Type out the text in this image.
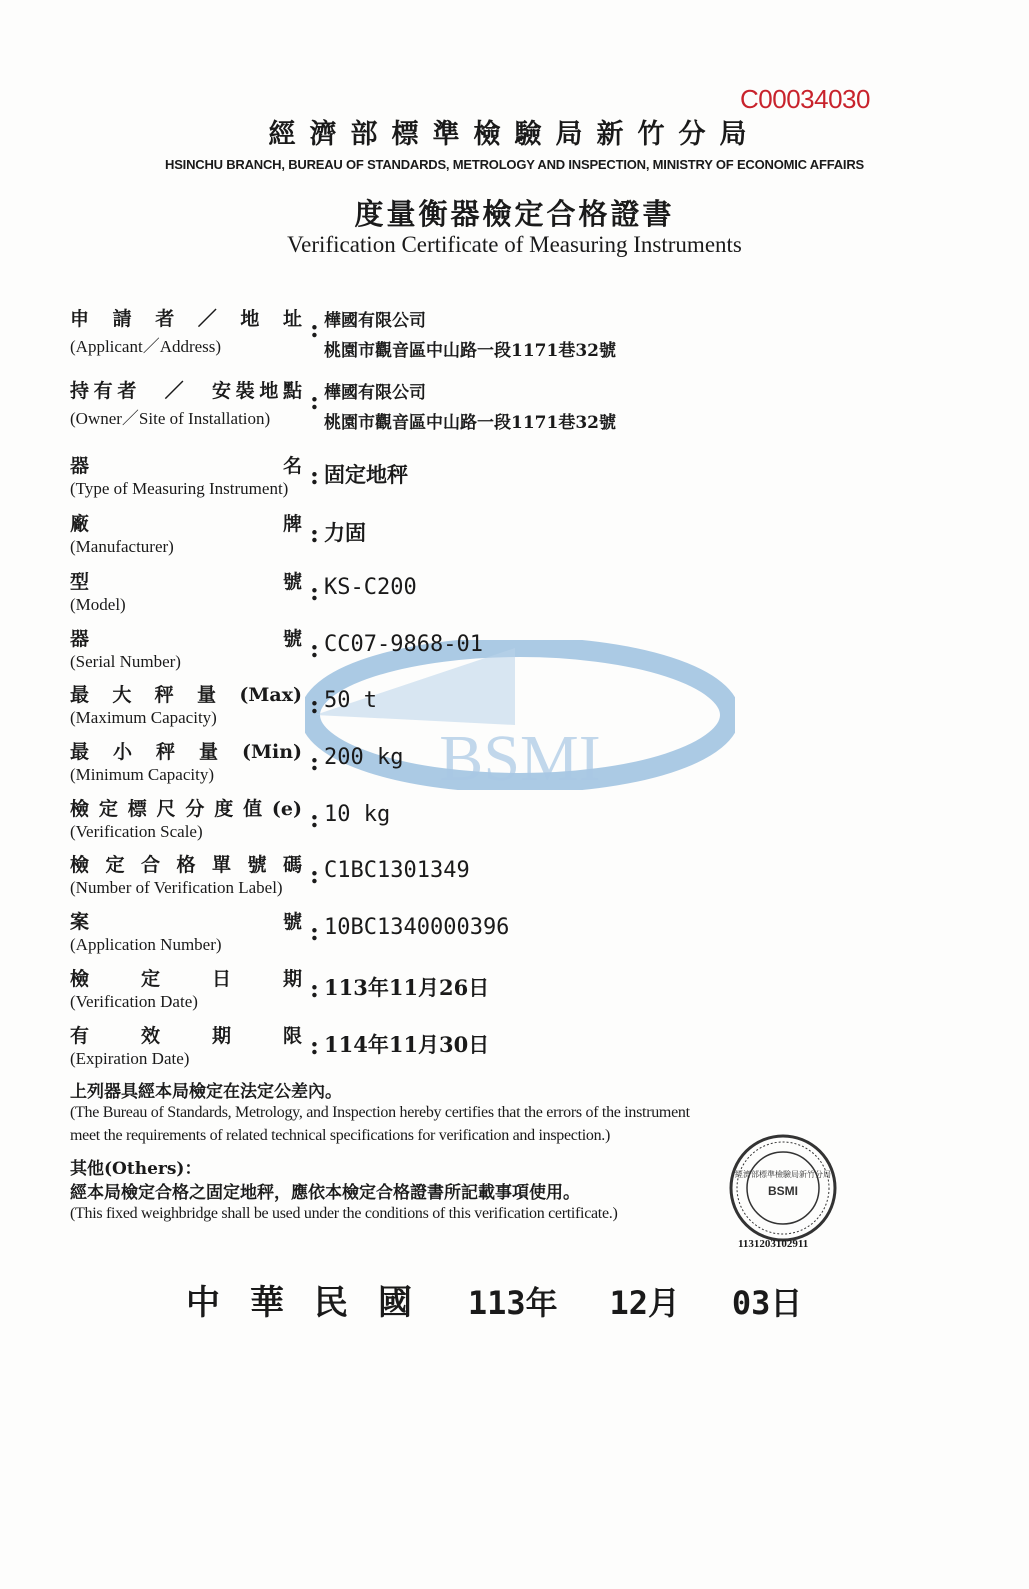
C00034030
經濟部標準檢驗局新竹分局
HSINCHU BRANCH, BUREAU OF STANDARDS, METROLOGY AND INSPECTION, MINISTRY OF ECONOMIC AFFAIRS
度量衡器檢定合格證書
Verification Certificate of Measuring Instruments
BSMI
申請者／地址
(Applicant／Address)
: 樺國有限公司
桃園市觀音區中山路一段1171巷32號
持有者　／　安裝地點
(Owner／Site of Installation)
: 樺國有限公司
桃園市觀音區中山路一段1171巷32號
器名
(Type of Measuring Instrument) : 固定地秤
廠牌
(Manufacturer)	: 力固
型號
(Model)	: KS-C200
器號
(Serial Number)	: CC07-9868-01
最大秤量(Max)
(Maximum Capacity)	: 50 t
最小秤量(Min)
(Minimum Capacity)	: 200 kg
檢定標尺分度值(e)
(Verification Scale)	: 10 kg
檢定合格單號碼
(Number of Verification Label) : C1BC1301349
案號
(Application Number)	: 10BC1340000396
檢定日期
(Verification Date)	: 113年11月26日
有效期限
(Expiration Date)	: 114年11月30日
上列器具經本局檢定在法定公差內。
(The Bureau of Standards, Metrology, and Inspection hereby certifies that the errors of the instrument
meet the requirements of related technical specifications for verification and inspection.)
其他(Others)：
經本局檢定合格之固定地秤，應依本檢定合格證書所記載事項使用。
(This fixed weighbridge shall be used under the conditions of this verification certificate.)
經濟部標準檢驗局新竹分局
BSMI
1131203102911
中華民國 113年 12月 03日
